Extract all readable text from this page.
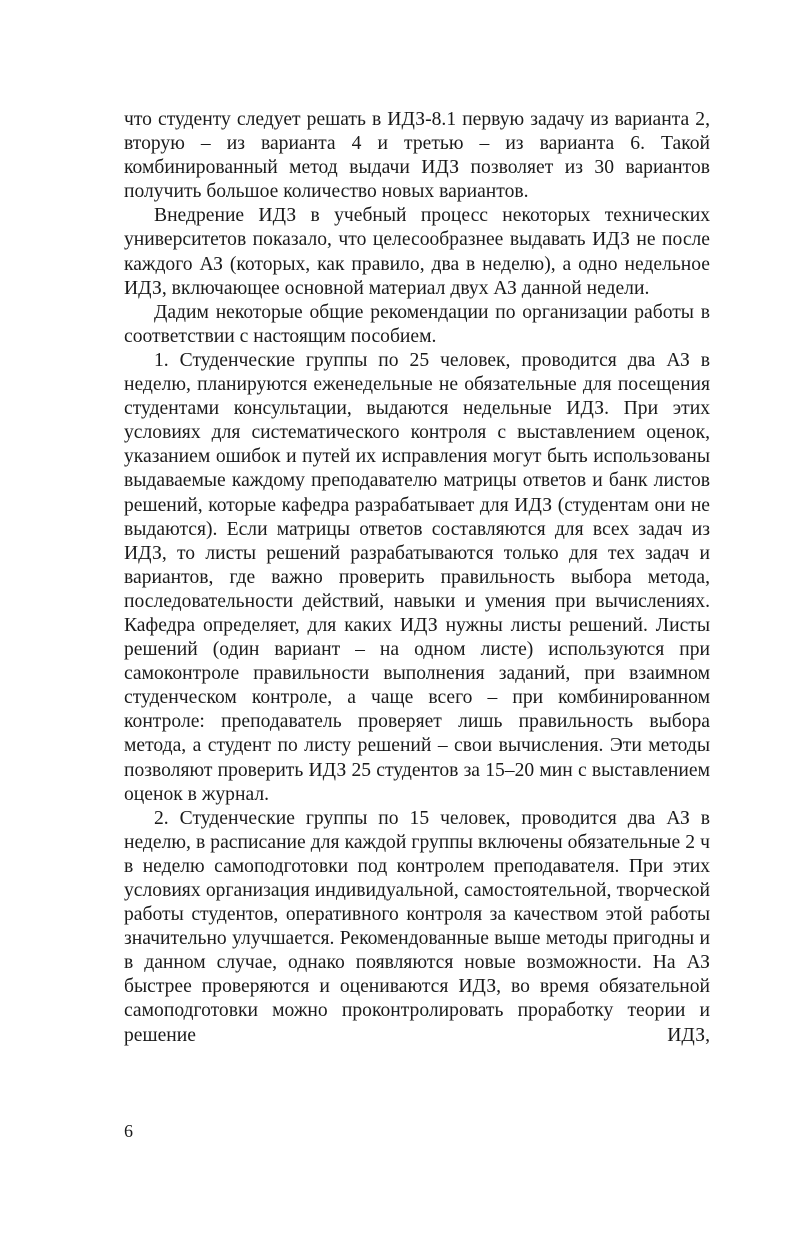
что студенту следует решать в ИДЗ-8.1 первую задачу из варианта 2, вторую – из варианта 4 и третью – из варианта 6. Такой комбинированный метод выдачи ИДЗ позволяет из 30 вариантов получить большое количество новых вариантов.

Внедрение ИДЗ в учебный процесс некоторых технических университетов показало, что целесообразнее выдавать ИДЗ не после каждого АЗ (которых, как правило, два в неделю), а одно недельное ИДЗ, включающее основной материал двух АЗ данной недели.

Дадим некоторые общие рекомендации по организации работы в соответствии с настоящим пособием.

1. Студенческие группы по 25 человек, проводится два АЗ в неделю, планируются еженедельные не обязательные для посещения студентами консультации, выдаются недельные ИДЗ. При этих условиях для систематического контроля с выставлением оценок, указанием ошибок и путей их исправления могут быть использованы выдаваемые каждому преподавателю матрицы ответов и банк листов решений, которые кафедра разрабатывает для ИДЗ (студентам они не выдаются). Если матрицы ответов составляются для всех задач из ИДЗ, то листы решений разрабатываются только для тех задач и вариантов, где важно проверить правильность выбора метода, последовательности действий, навыки и умения при вычислениях. Кафедра определяет, для каких ИДЗ нужны листы решений. Листы решений (один вариант – на одном листе) используются при самоконтроле правильности выполнения заданий, при взаимном студенческом контроле, а чаще всего – при комбинированном контроле: преподаватель проверяет лишь правильность выбора метода, а студент по листу решений – свои вычисления. Эти методы позволяют проверить ИДЗ 25 студентов за 15–20 мин с выставлением оценок в журнал.

2. Студенческие группы по 15 человек, проводится два АЗ в неделю, в расписание для каждой группы включены обязательные 2 ч в неделю самоподготовки под контролем преподавателя. При этих условиях организация индивидуальной, самостоятельной, творческой работы студентов, оперативного контроля за качеством этой работы значительно улучшается. Рекомендованные выше методы пригодны и в данном случае, однако появляются новые возможности. На АЗ быстрее проверяются и оцениваются ИДЗ, во время обязательной самоподготовки можно проконтролировать проработку теории и решение ИДЗ,

6
